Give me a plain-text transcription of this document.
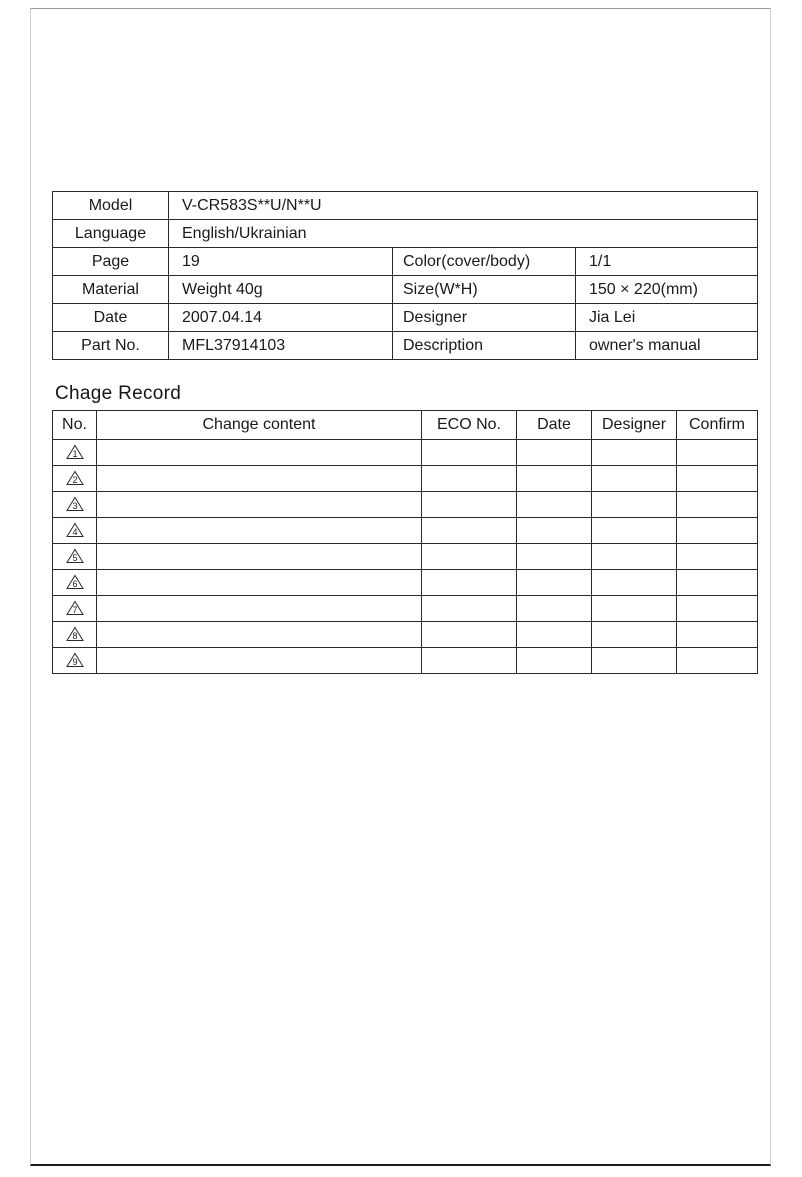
Model	V-CR583S**U/N**U		
Language	English/Ukrainian		
Page	19	Color(cover/body)	1/1
Material	Weight 40g	Size(W*H)	150 × 220(mm)
Date	2007.04.14	Designer	Jia Lei
Part No.	MFL37914103	Description	owner's manual
Chage Record
No.	Change content	ECO No.	Date	Designer	Confirm

1					

2					

3					

4					

5					

6					

7					

8					

9					
